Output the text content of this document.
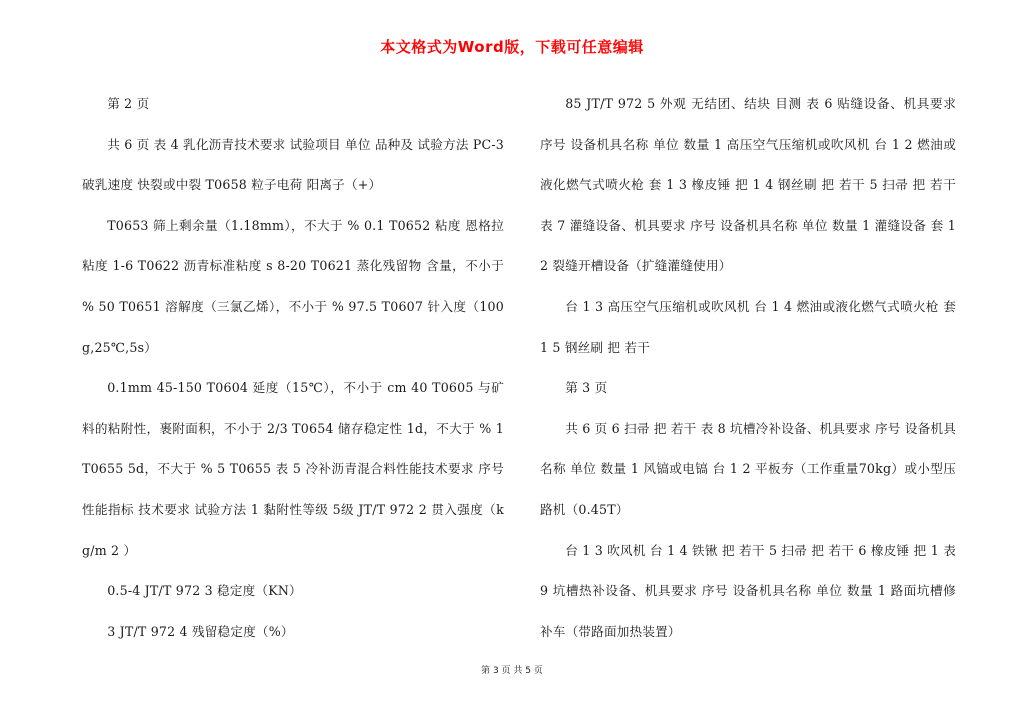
本文格式为Word版，下载可任意编辑

第 2 页

共 6 页 表 4 乳化沥青技术要求 试验项目 单位 品种及 试验方法 PC-3 破乳速度 快裂或中裂 T0658 粒子电荷 阳离子（+）

T0653 筛上剩余量（1.18mm），不大于 % 0.1 T0652 粘度 恩格拉粘度 1-6 T0622 沥青标准粘度 s 8-20 T0621 蒸化残留物 含量，不小于 % 50 T0651 溶解度（三氯乙烯），不小于 % 97.5 T0607 针入度（100g,25℃,5s）

0.1mm 45-150 T0604 延度（15℃），不小于 cm 40 T0605 与矿料的粘附性，裹附面积，不小于 2/3 T0654 储存稳定性 1d，不大于 % 1 T0655 5d，不大于 % 5 T0655 表 5 冷补沥青混合料性能技术要求 序号 性能指标 技术要求 试验方法 1 黏附性等级 5级 JT/T 972 2 贯入强度（kg/m 2 ）

0.5-4 JT/T 972 3 稳定度（KN）

3 JT/T 972 4 残留稳定度（%）

85 JT/T 972 5 外观 无结团、结块 目测 表 6 贴缝设备、机具要求 序号 设备机具名称 单位 数量 1 高压空气压缩机或吹风机 台 1 2 燃油或液化燃气式喷火枪 套 1 3 橡皮锤 把 1 4 钢丝刷 把 若干 5 扫帚 把 若干 表 7 灌缝设备、机具要求 序号 设备机具名称 单位 数量 1 灌缝设备 套 1 2 裂缝开槽设备（扩缝灌缝使用）

台 1 3 高压空气压缩机或吹风机 台 1 4 燃油或液化燃气式喷火枪 套 1 5 钢丝刷 把 若干

第 3 页

共 6 页 6 扫帚 把 若干 表 8 坑槽冷补设备、机具要求 序号 设备机具名称 单位 数量 1 风镐或电镐 台 1 2 平板夯（工作重量70kg）或小型压路机（0.45T）

台 1 3 吹风机 台 1 4 铁锹 把 若干 5 扫帚 把 若干 6 橡皮锤 把 1 表 9 坑槽热补设备、机具要求 序号 设备机具名称 单位 数量 1 路面坑槽修补车（带路面加热装置）

第 3 页 共 5 页
